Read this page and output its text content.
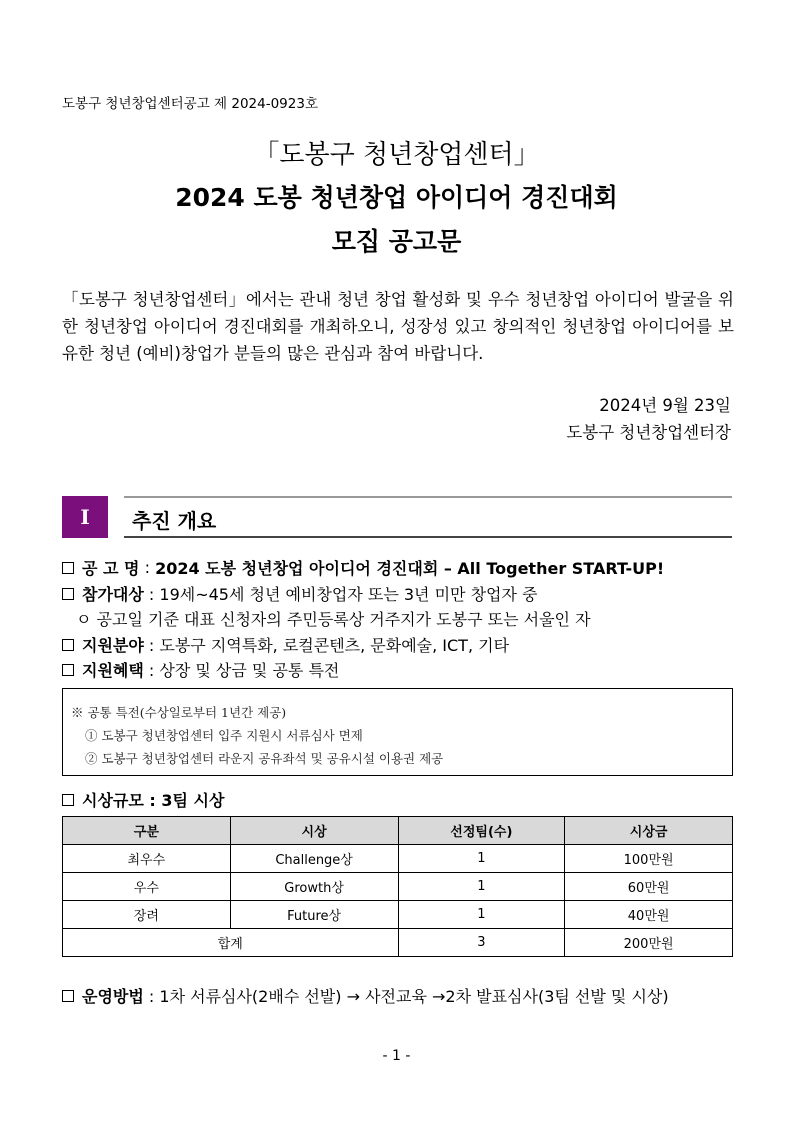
도봉구 청년창업센터공고 제 2024-0923호
「도봉구 청년창업센터」
2024 도봉 청년창업 아이디어 경진대회
모집 공고문
「도봉구 청년창업센터」에서는 관내 청년 창업 활성화 및 우수 청년창업 아이디어 발굴을 위한 청년창업 아이디어 경진대회를 개최하오니, 성장성 있고 창의적인 청년창업 아이디어를 보유한 청년 (예비)창업가 분들의 많은 관심과 참여 바랍니다.
2024년 9월 23일
도봉구 청년창업센터장
I	추진 개요
공 고 명 : 2024 도봉 청년창업 아이디어 경진대회 – All Together START-UP!
참가대상 : 19세~45세 청년 예비창업자 또는 3년 미만 창업자 중
ㅇ 공고일 기준 대표 신청자의 주민등록상 거주지가 도봉구 또는 서울인 자
지원분야 : 도봉구 지역특화, 로컬콘텐츠, 문화예술, ICT, 기타
지원혜택 : 상장 및 상금 및 공통 특전
※ 공통 특전(수상일로부터 1년간 제공)
① 도봉구 청년창업센터 입주 지원시 서류심사 면제
② 도봉구 청년창업센터 라운지 공유좌석 및 공유시설 이용권 제공
시상규모 : 3팀 시상
구분	시상	선정팀(수)	시상금
최우수	Challenge상	1	100만원
우수	Growth상	1	60만원
장려	Future상	1	40만원
합계		3	200만원
운영방법 : 1차 서류심사(2배수 선발) → 사전교육 →2차 발표심사(3팀 선발 및 시상)
- 1 -
